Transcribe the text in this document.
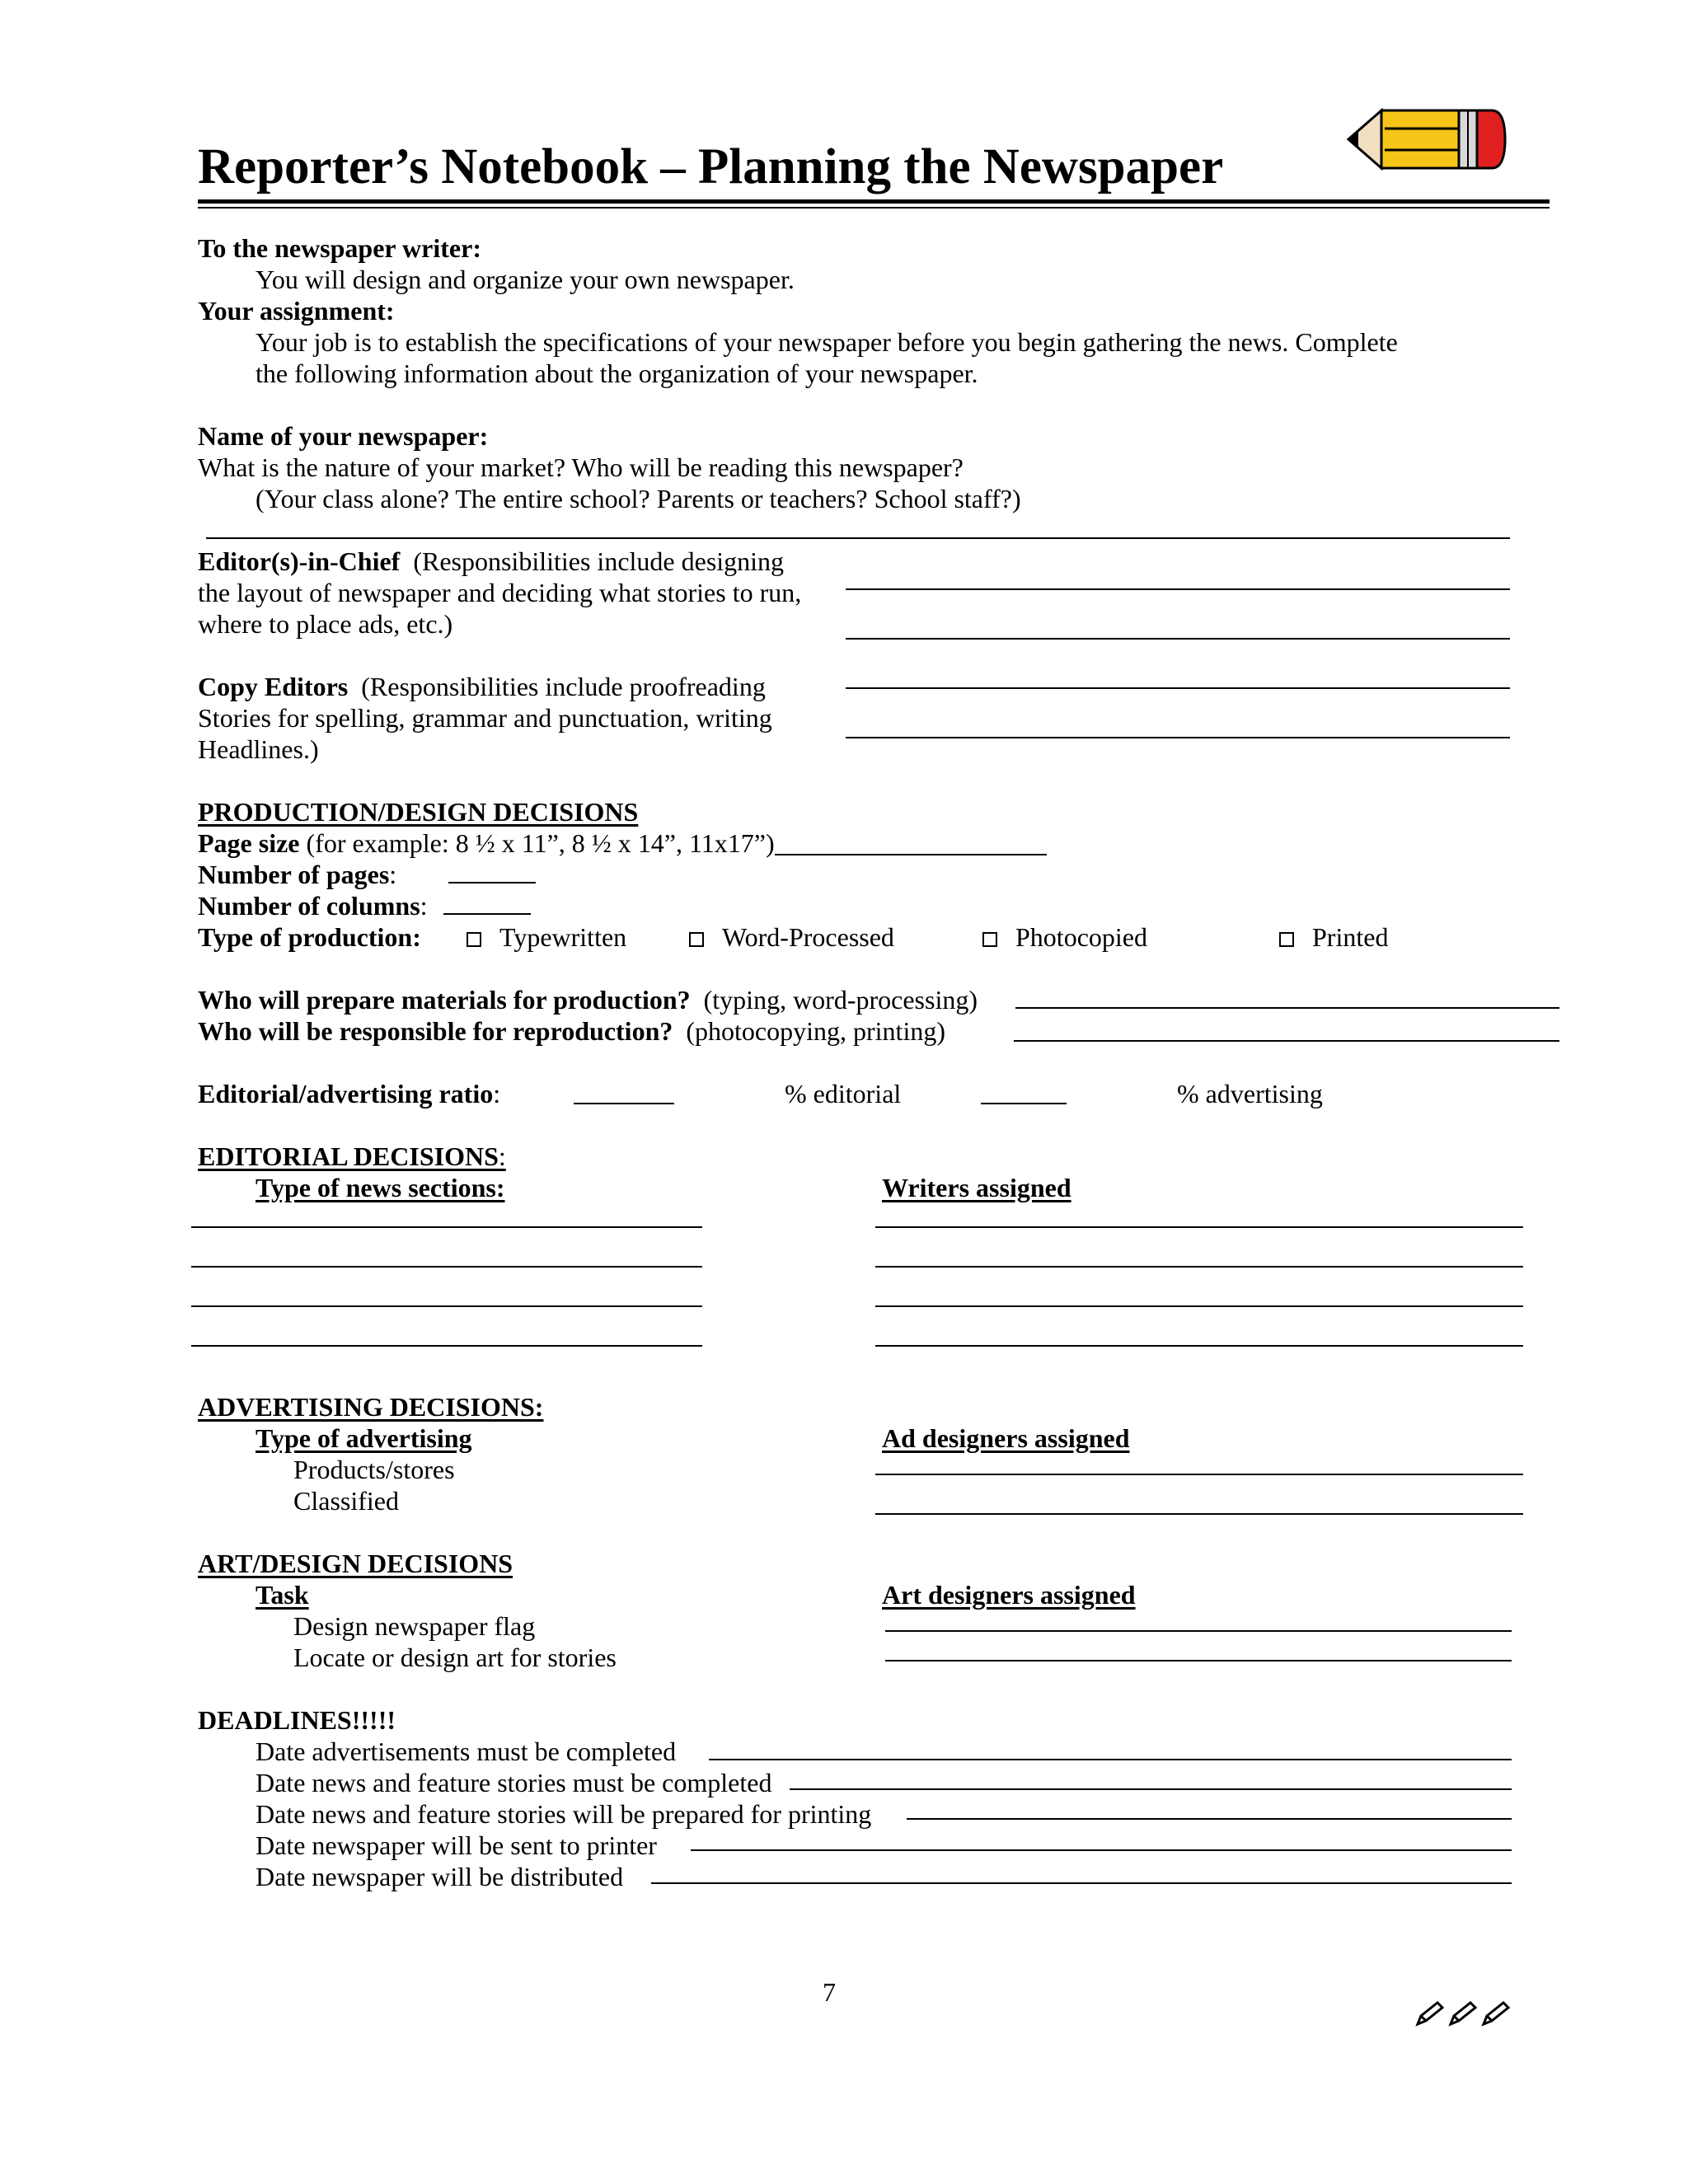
Reporter’s Notebook – Planning the Newspaper
To the newspaper writer:
You will design and organize your own newspaper.
Your assignment:
Your job is to establish the specifications of your newspaper before you begin gathering the news. Complete
the following information about the organization of your newspaper.
Name of your newspaper:
What is the nature of your market? Who will be reading this newspaper?
(Your class alone? The entire school? Parents or teachers? School staff?)
Editor(s)-in-Chief (Responsibilities include designing
the layout of newspaper and deciding what stories to run,
where to place ads, etc.)
Copy Editors (Responsibilities include proofreading
Stories for spelling, grammar and punctuation, writing
Headlines.)
PRODUCTION/DESIGN DECISIONS
Page size (for example: 8 ½ x 11”, 8 ½ x 14”, 11x17”)
Number of pages:
Number of columns:
Type of production:	Typewritten	Word-Processed	Photocopied	Printed
Who will prepare materials for production? (typing, word-processing)
Who will be responsible for reproduction? (photocopying, printing)
Editorial/advertising ratio:	% editorial	% advertising
EDITORIAL DECISIONS:
Type of news sections:	Writers assigned
ADVERTISING DECISIONS:
Type of advertising	Ad designers assigned
Products/stores
Classified
ART/DESIGN DECISIONS
Task	Art designers assigned
Design newspaper flag
Locate or design art for stories
DEADLINES!!!!!
Date advertisements must be completed
Date news and feature stories must be completed
Date news and feature stories will be prepared for printing
Date newspaper will be sent to printer
Date newspaper will be distributed
7
